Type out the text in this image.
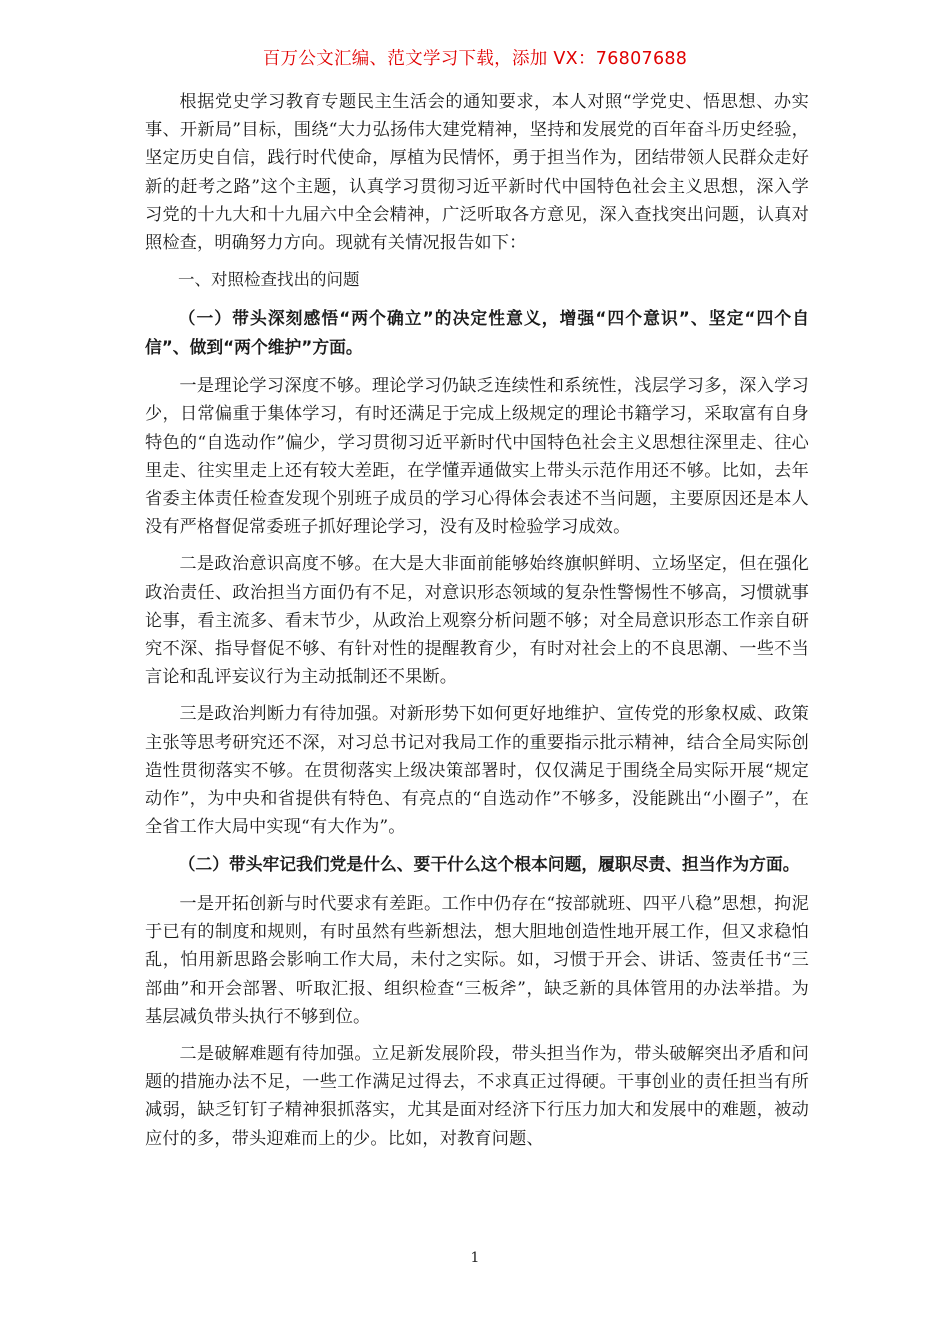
百万公文汇编、范文学习下载，添加 VX：76807688

根据党史学习教育专题民主生活会的通知要求，本人对照“学党史、悟思想、办实事、开新局”目标，围绕“大力弘扬伟大建党精神，坚持和发展党的百年奋斗历史经验，坚定历史自信，践行时代使命，厚植为民情怀，勇于担当作为，团结带领人民群众走好新的赶考之路”这个主题，认真学习贯彻习近平新时代中国特色社会主义思想，深入学习党的十九大和十九届六中全会精神，广泛听取各方意见，深入查找突出问题，认真对照检查，明确努力方向。现就有关情况报告如下：

一、对照检查找出的问题

（一）带头深刻感悟“两个确立”的决定性意义，增强“四个意识”、坚定“四个自信”、做到“两个维护”方面。

一是理论学习深度不够。理论学习仍缺乏连续性和系统性，浅层学习多，深入学习少，日常偏重于集体学习，有时还满足于完成上级规定的理论书籍学习，采取富有自身特色的“自选动作”偏少，学习贯彻习近平新时代中国特色社会主义思想往深里走、往心里走、往实里走上还有较大差距，在学懂弄通做实上带头示范作用还不够。比如，去年省委主体责任检查发现个别班子成员的学习心得体会表述不当问题，主要原因还是本人没有严格督促常委班子抓好理论学习，没有及时检验学习成效。

二是政治意识高度不够。在大是大非面前能够始终旗帜鲜明、立场坚定，但在强化政治责任、政治担当方面仍有不足，对意识形态领域的复杂性警惕性不够高，习惯就事论事，看主流多、看末节少，从政治上观察分析问题不够；对全局意识形态工作亲自研究不深、指导督促不够、有针对性的提醒教育少，有时对社会上的不良思潮、一些不当言论和乱评妄议行为主动抵制还不果断。

三是政治判断力有待加强。对新形势下如何更好地维护、宣传党的形象权威、政策主张等思考研究还不深，对习总书记对我局工作的重要指示批示精神，结合全局实际创造性贯彻落实不够。在贯彻落实上级决策部署时，仅仅满足于围绕全局实际开展“规定动作”，为中央和省提供有特色、有亮点的“自选动作”不够多，没能跳出“小圈子”，在全省工作大局中实现“有大作为”。

（二）带头牢记我们党是什么、要干什么这个根本问题，履职尽责、担当作为方面。

一是开拓创新与时代要求有差距。工作中仍存在“按部就班、四平八稳”思想，拘泥于已有的制度和规则，有时虽然有些新想法，想大胆地创造性地开展工作，但又求稳怕乱，怕用新思路会影响工作大局，未付之实际。如，习惯于开会、讲话、签责任书“三部曲”和开会部署、听取汇报、组织检查“三板斧”，缺乏新的具体管用的办法举措。为基层减负带头执行不够到位。

二是破解难题有待加强。立足新发展阶段，带头担当作为，带头破解突出矛盾和问题的措施办法不足，一些工作满足过得去，不求真正过得硬。干事创业的责任担当有所减弱，缺乏钉钉子精神狠抓落实，尤其是面对经济下行压力加大和发展中的难题，被动应付的多，带头迎难而上的少。比如，对教育问题、

1
